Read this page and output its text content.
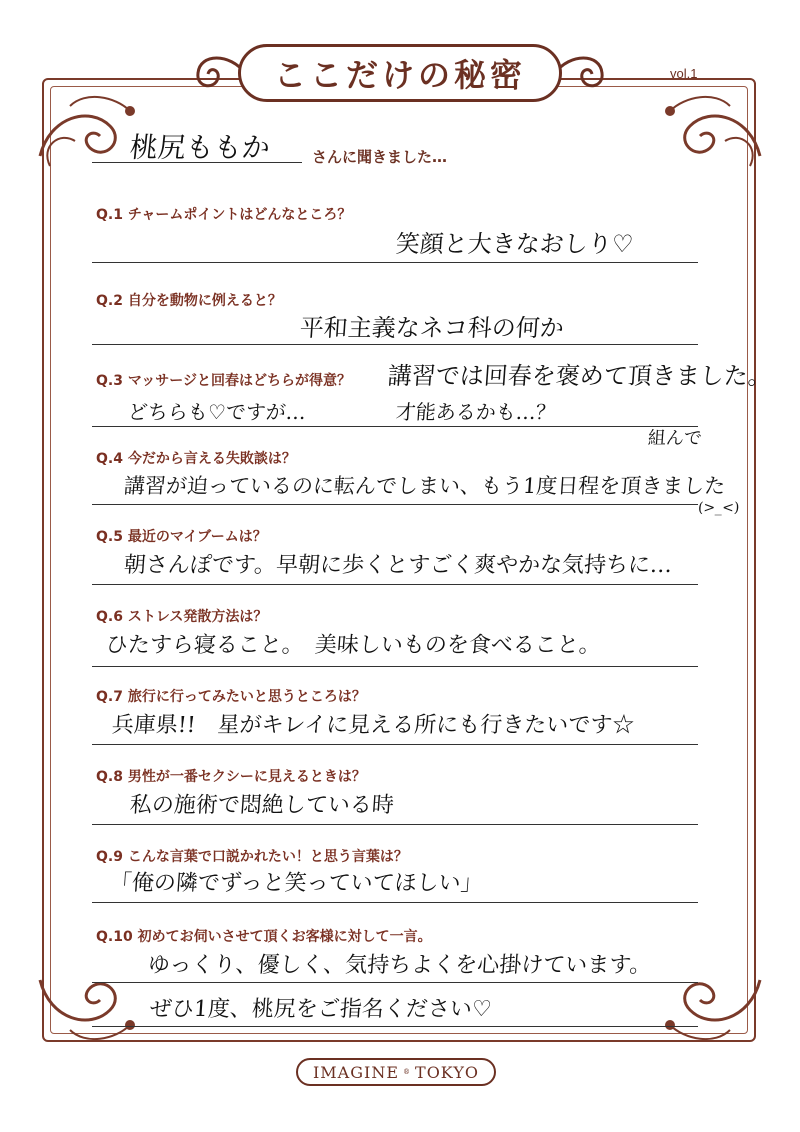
ここだけの秘密	vol.1
桃尻ももか	さんに聞きました…
Q.1 チャームポイントはどんなところ？
笑顔と大きなおしり♡
Q.2 自分を動物に例えると？
平和主義なネコ科の何か
Q.3 マッサージと回春はどちらが得意？ 講習では回春を褒めて頂きました。
どちらも♡ですが…	才能あるかも…？
Q.4 今だから言える失敗談は？
組んで
講習が迫っているのに転んでしまい、もう1度日程を頂きました
(>_<)
Q.5 最近のマイブームは？
朝さんぽです。早朝に歩くとすごく爽やかな気持ちに…
Q.6 ストレス発散方法は？
ひたすら寝ること。　美味しいものを食べること。
Q.7 旅行に行ってみたいと思うところは？
兵庫県!!　星がキレイに見える所にも行きたいです☆
Q.8 男性が一番セクシーに見えるときは？
私の施術で悶絶している時
Q.9 こんな言葉で口説かれたい！と思う言葉は？
「俺の隣でずっと笑っていてほしい」
Q.10 初めてお伺いさせて頂くお客様に対して一言。
ゆっくり、優しく、気持ちよくを心掛けています。
ぜひ1度、桃尻をご指名ください♡
IMAGINE ® TOKYO
